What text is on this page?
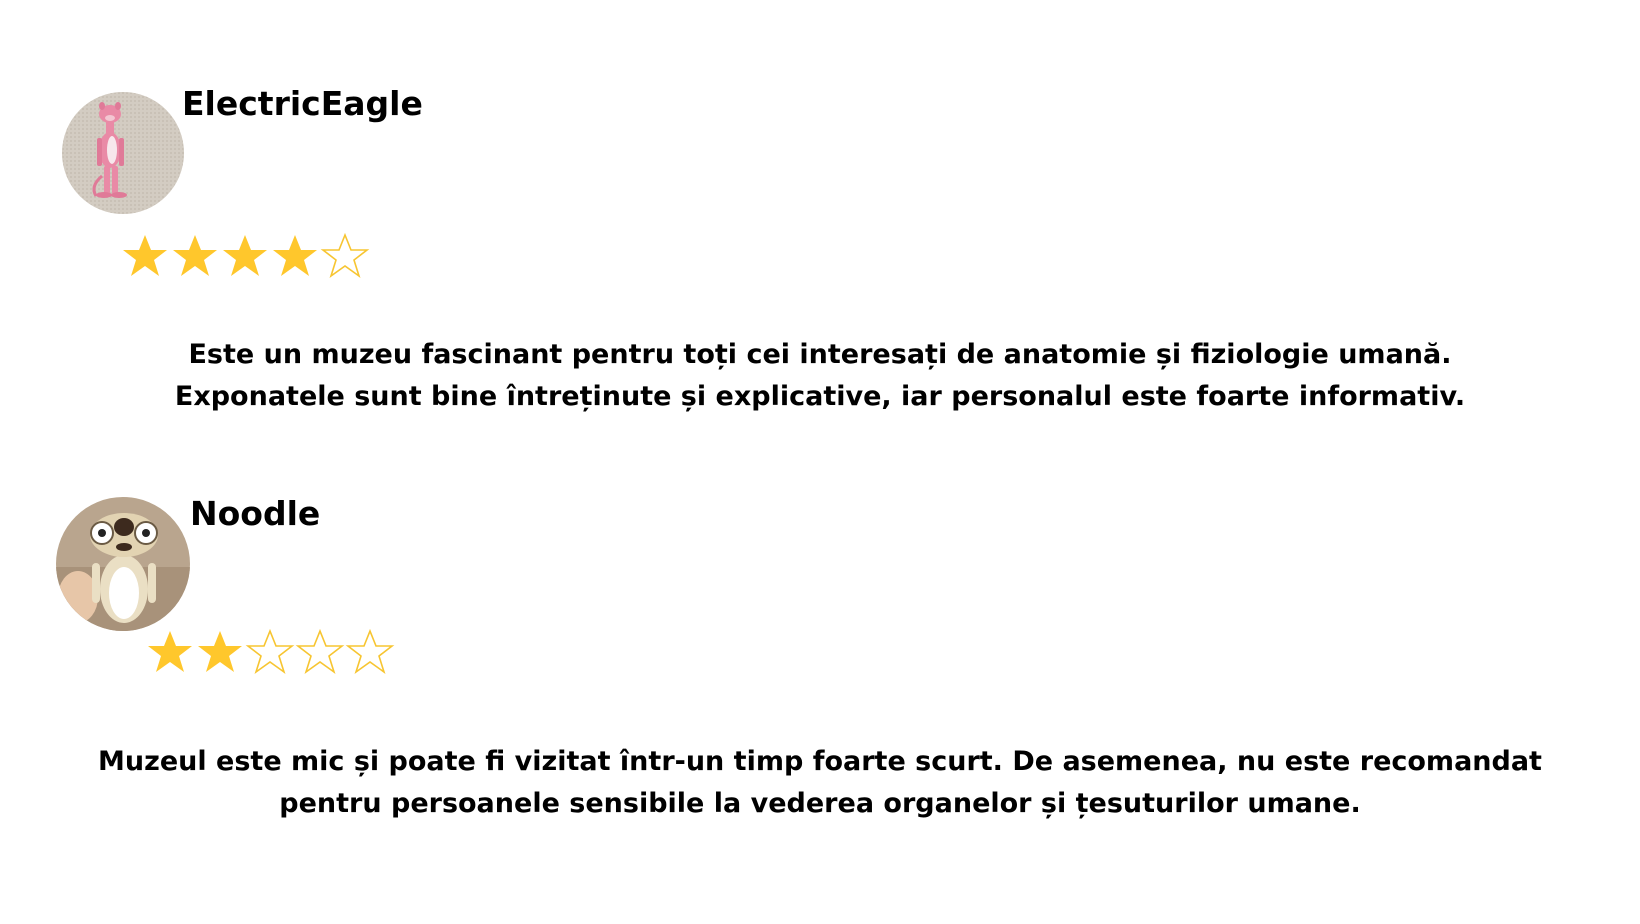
ElectricEagle
Este un muzeu fascinant pentru toți cei interesați de anatomie și fiziologie umană.
Exponatele sunt bine întreținute și explicative, iar personalul este foarte informativ.
Noodle
Muzeul este mic și poate fi vizitat într-un timp foarte scurt. De asemenea, nu este recomandat
pentru persoanele sensibile la vederea organelor și țesuturilor umane.
